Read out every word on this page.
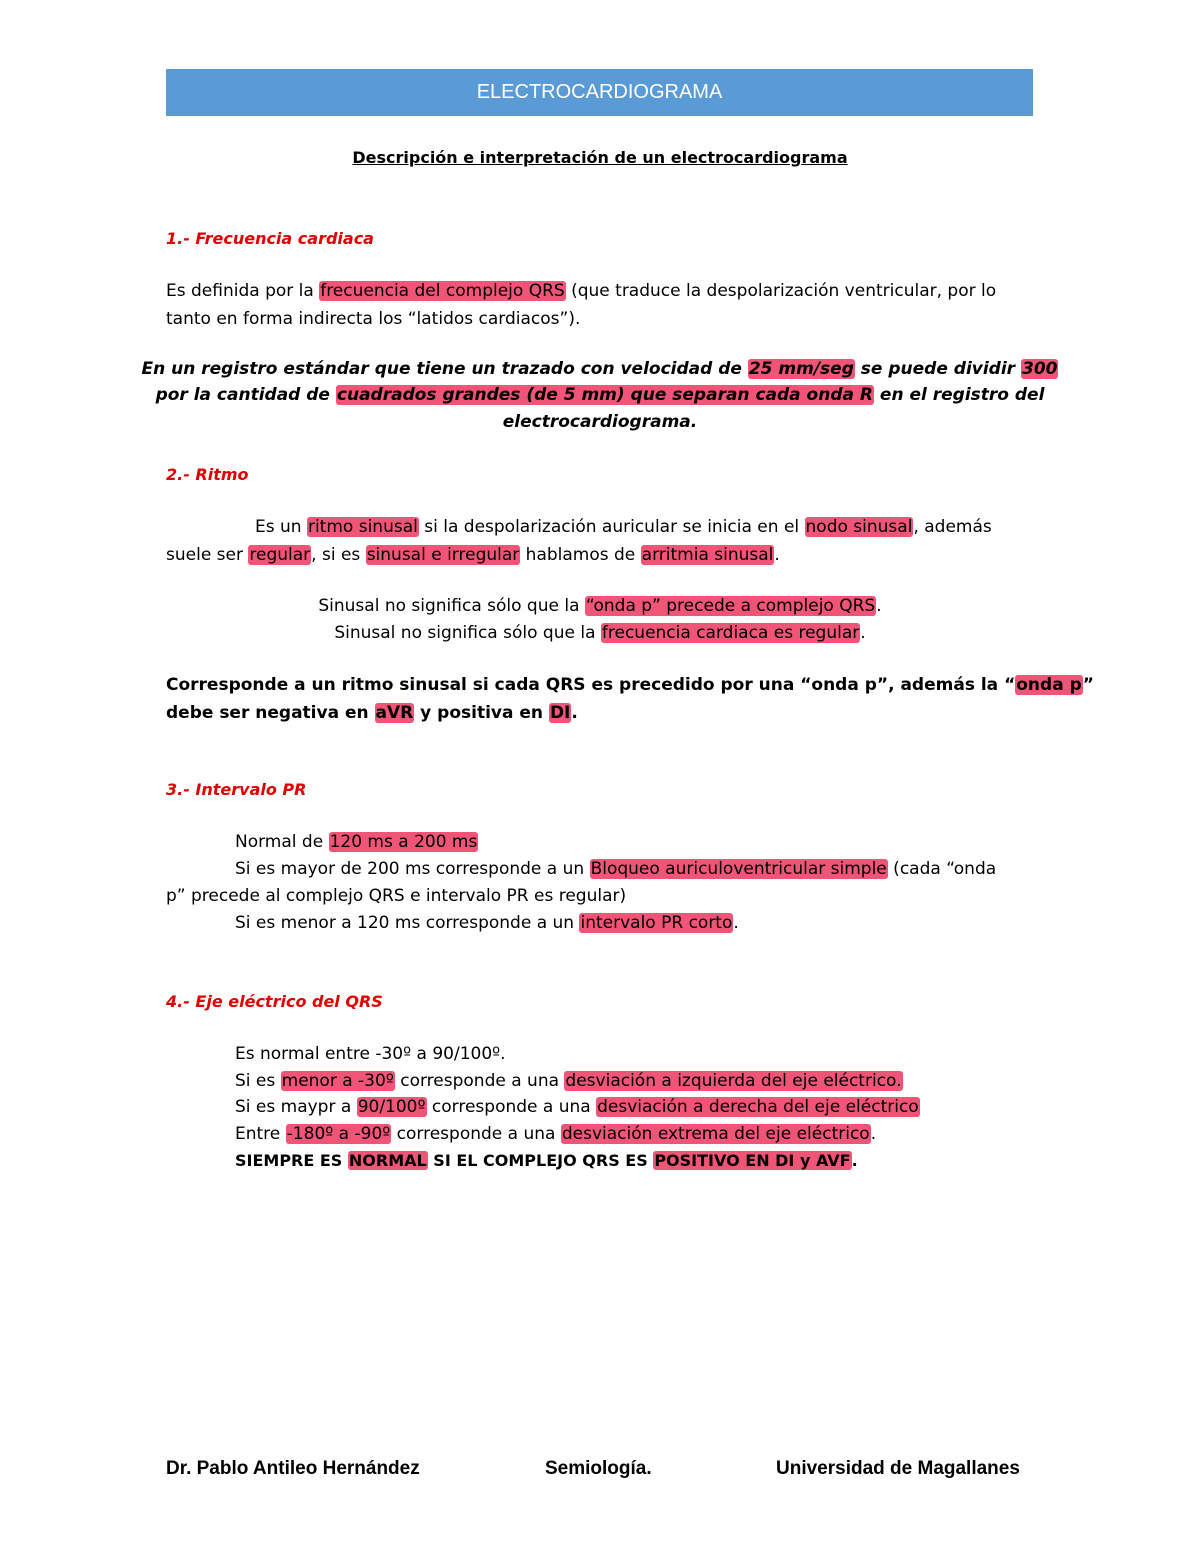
ELECTROCARDIOGRAMA
Descripción e interpretación de un electrocardiograma
1.- Frecuencia cardiaca
Es definida por la frecuencia del complejo QRS (que traduce la despolarización ventricular, por lo
tanto en forma indirecta los “latidos cardiacos”).
En un registro estándar que tiene un trazado con velocidad de 25 mm/seg se puede dividir 300
por la cantidad de cuadrados grandes (de 5 mm) que separan cada onda R en el registro del
electrocardiograma.
2.- Ritmo
Es un ritmo sinusal si la despolarización auricular se inicia en el nodo sinusal, además
suele ser regular, si es sinusal e irregular hablamos de arritmia sinusal.
Sinusal no significa sólo que la “onda p” precede a complejo QRS.
Sinusal no significa sólo que la frecuencia cardiaca es regular.
Corresponde a un ritmo sinusal si cada QRS es precedido por una “onda p”, además la “onda p”
debe ser negativa en aVR y positiva en DI.
3.- Intervalo PR
Normal de 120 ms a 200 ms
Si es mayor de 200 ms corresponde a un Bloqueo auriculoventricular simple (cada “onda
p” precede al complejo QRS e intervalo PR es regular)
Si es menor a 120 ms corresponde a un intervalo PR corto.
4.- Eje eléctrico del QRS
Es normal entre -30º a 90/100º.
Si es menor a -30º corresponde a una desviación a izquierda del eje eléctrico.
Si es maypr a 90/100º corresponde a una desviación a derecha del eje eléctrico
Entre -180º a -90º corresponde a una desviación extrema del eje eléctrico.
SIEMPRE ES NORMAL SI EL COMPLEJO QRS ES POSITIVO EN DI y AVF.
Dr. Pablo Antileo Hernández	Semiología.	Universidad de Magallanes
